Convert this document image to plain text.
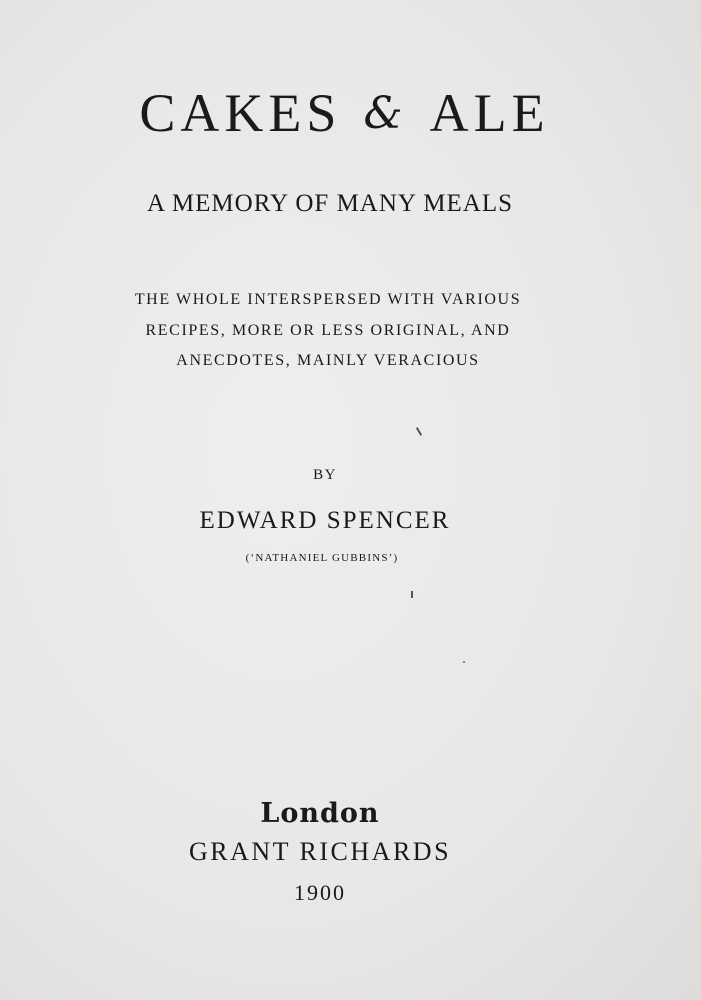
CAKES & ALE
A MEMORY OF MANY MEALS

THE WHOLE INTERSPERSED WITH VARIOUS

RECIPES, MORE OR LESS ORIGINAL, AND

ANECDOTES, MAINLY VERACIOUS

BY

EDWARD SPENCER

(‘NATHANIEL GUBBINS’)

London

GRANT RICHARDS

1900
